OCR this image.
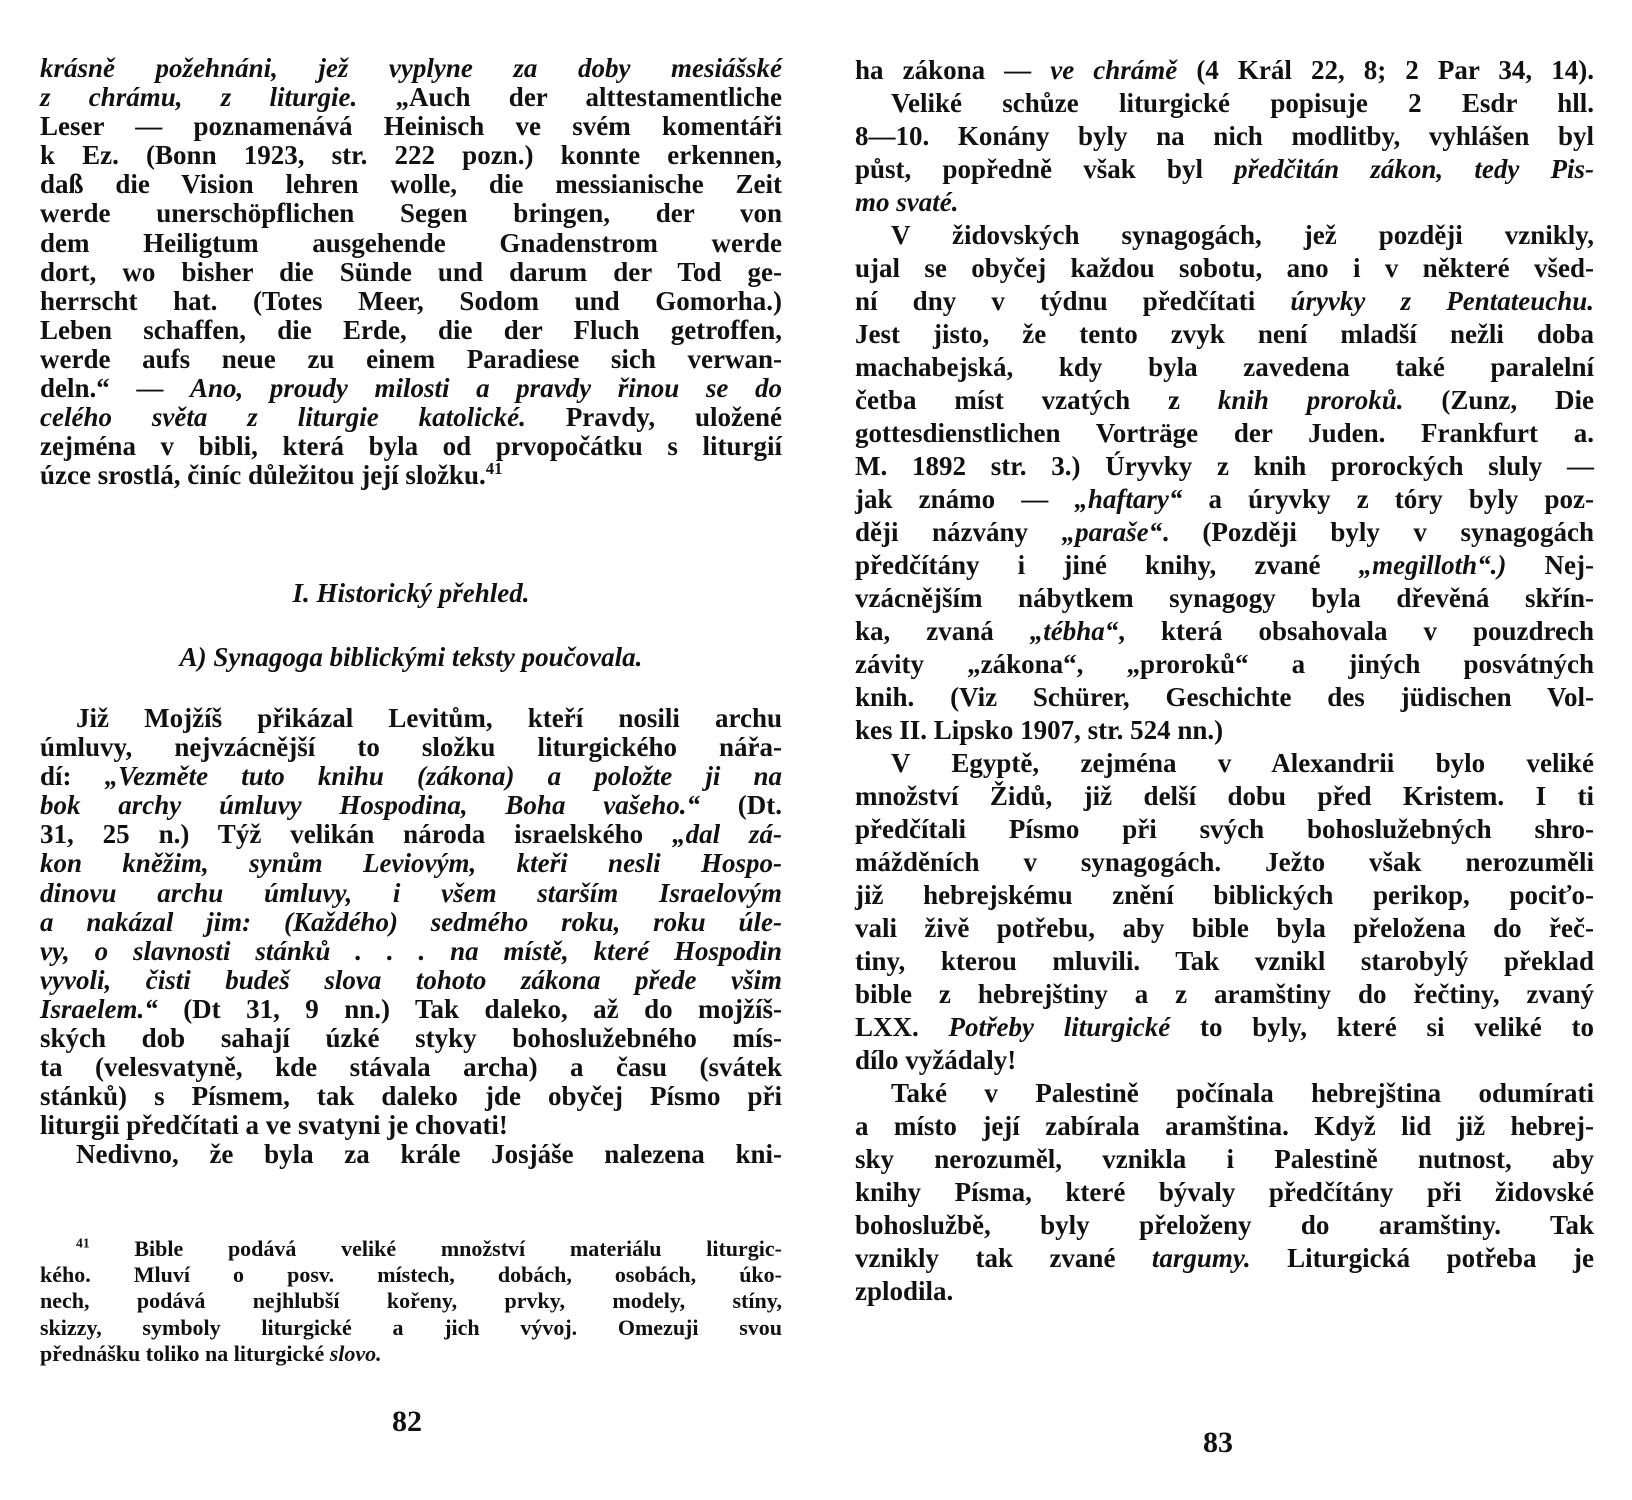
krásně požehnáni, jež vyplyne za doby mesiášské
z chrámu, z liturgie. „Auch der alttestamentliche
Leser — poznamenává Heinisch ve svém komentáři
k Ez. (Bonn 1923, str. 222 pozn.) konnte erkennen,
daß die Vision lehren wolle, die messianische Zeit
werde unerschöpflichen Segen bringen, der von
dem Heiligtum ausgehende Gnadenstrom werde
dort, wo bisher die Sünde und darum der Tod ge-
herrscht hat. (Totes Meer, Sodom und Gomorha.)
Leben schaffen, die Erde, die der Fluch getroffen,
werde aufs neue zu einem Paradiese sich verwan-
deln.“ — Ano, proudy milosti a pravdy řinou se do
celého světa z liturgie katolické. Pravdy, uložené
zejména v bibli, která byla od prvopočátku s liturgií
úzce srostlá, činíc důležitou její složku.$^{41}$
I. Historický přehled.
A) Synagoga biblickými teksty poučovala.
Již Mojžíš přikázal Levitům, kteří nosili archu
úmluvy, nejvzácnější to složku liturgického nářa-
dí: „Vezměte tuto knihu (zákona) a položte ji na
bok archy úmluvy Hospodina, Boha vašeho.“ (Dt.
31, 25 n.) Týž velikán národa israelského „dal zá-
kon kněžim, synům Leviovým, kteři nesli Hospo-
dinovu archu úmluvy, i všem starším Israelovým
a nakázal jim: (Každého) sedmého roku, roku úle-
vy, o slavnosti stánků . . . na místě, které Hospodin
vyvoli, čisti budeš slova tohoto zákona přede všim
Israelem.“ (Dt 31, 9 nn.) Tak daleko, až do mojžíš-
ských dob sahají úzké styky bohoslužebného mís-
ta (velesvatyně, kde stávala archa) a času (svátek
stánků) s Písmem, tak daleko jde obyčej Písmo při
liturgii předčítati a ve svatyni je chovati!
Nedivno, že byla za krále Josjáše nalezena kni-
$^{41}$ Bible podává veliké množství materiálu liturgic-
kého. Mluví o posv. místech, dobách, osobách, úko-
nech, podává nejhlubší kořeny, prvky, modely, stíny,
skizzy, symboly liturgické a jich vývoj. Omezuji svou
přednášku toliko na liturgické slovo.
82
ha zákona — ve chrámě (4 Král 22, 8; 2 Par 34, 14).
Veliké schůze liturgické popisuje 2 Esdr hll.
8—10. Konány byly na nich modlitby, vyhlášen byl
půst, popředně však byl předčitán zákon, tedy Pis-
mo svaté.
V židovských synagogách, jež později vznikly,
ujal se obyčej každou sobotu, ano i v některé všed-
ní dny v týdnu předčítati úryvky z Pentateuchu.
Jest jisto, že tento zvyk není mladší nežli doba
machabejská, kdy byla zavedena také paralelní
četba míst vzatých z knih proroků. (Zunz, Die
gottesdienstlichen Vorträge der Juden. Frankfurt a.
M. 1892 str. 3.) Úryvky z knih prorockých sluly —
jak známo — „haftary“ a úryvky z tóry byly poz-
ději názvány „paraše“. (Později byly v synagogách
předčítány i jiné knihy, zvané „megilloth“.) Nej-
vzácnějším nábytkem synagogy byla dřevěná skřín-
ka, zvaná „tébha“, která obsahovala v pouzdrech
závity „zákona“, „proroků“ a jiných posvátných
knih. (Viz Schürer, Geschichte des jüdischen Vol-
kes II. Lipsko 1907, str. 524 nn.)
V Egyptě, zejména v Alexandrii bylo veliké
množství Židů, již delší dobu před Kristem. I ti
předčítali Písmo při svých bohoslužebných shro-
mážděních v synagogách. Ježto však nerozuměli
již hebrejskému znění biblických perikop, pociťo-
vali živě potřebu, aby bible byla přeložena do řeč-
tiny, kterou mluvili. Tak vznikl starobylý překlad
bible z hebrejštiny a z aramštiny do řečtiny, zvaný
LXX. Potřeby liturgické to byly, které si veliké to
dílo vyžádaly!
Také v Palestině počínala hebrejština odumírati
a místo její zabírala aramština. Když lid již hebrej-
sky nerozuměl, vznikla i Palestině nutnost, aby
knihy Písma, které bývaly předčítány při židovské
bohoslužbě, byly přeloženy do aramštiny. Tak
vznikly tak zvané targumy. Liturgická potřeba je
zplodila.
83
